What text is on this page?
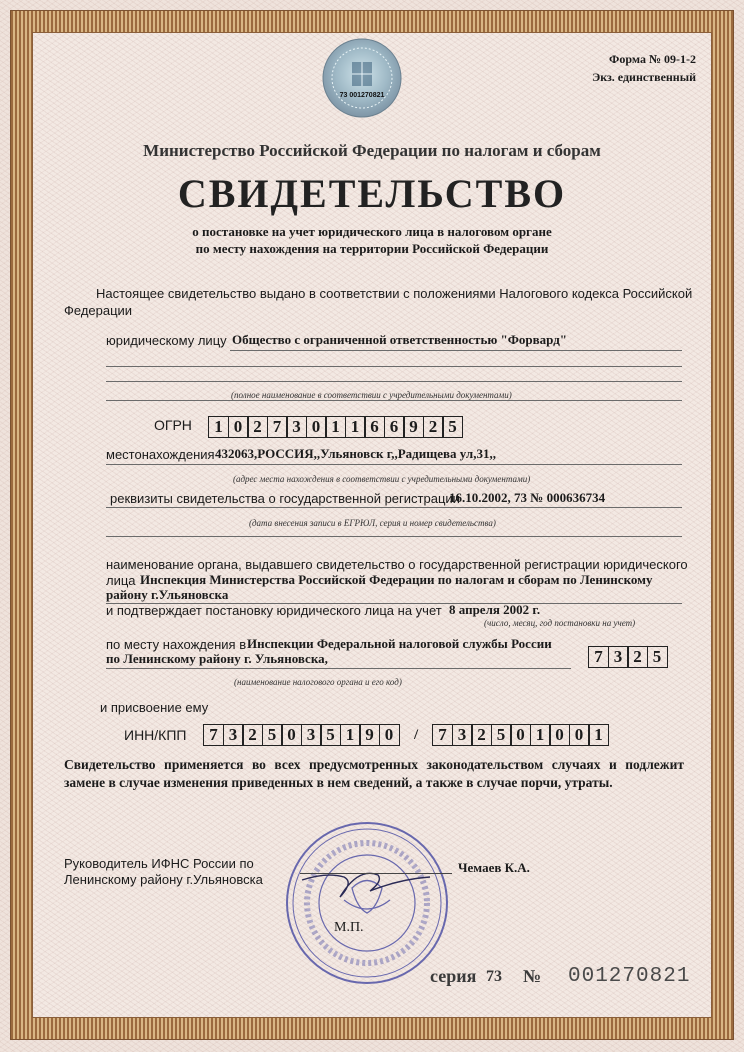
73 001270821
Форма № 09-1-2
Экз. единственный
Министерство Российской Федерации по налогам и сборам
СВИДЕТЕЛЬСТВО
о постановке на учет юридического лица в налоговом органе
по месту нахождения на территории Российской Федерации
Настоящее свидетельство выдано в соответствии с положениями Налогового кодекса Российской
Федерации
юридическому лицу Общество с ограниченной ответственностью "Форвард"
(полное наименование в соответствии с учредительными документами)
ОГРН	1 0 2 7 3 0 1 1 6 6 9 2 5
местонахождения 432063,РОССИЯ,,Ульяновск г,,Радищева ул,31,,
(адрес места нахождения в соответствии с учредительными документами)
реквизиты свидетельства о государственной регистрации
16.10.2002, 73 № 000636734
(дата внесения записи в ЕГРЮЛ, серия и номер свидетельства)
наименование органа, выдавшего свидетельство о государственной регистрации юридического
лица Инспекция Министерства Российской Федерации по налогам и сборам по Ленинскому
району г.Ульяновска
и подтверждает постановку юридического лица на учет 8 апреля 2002 г.
(число, месяц, год постановки на учет)
по месту нахождения в Инспекции Федеральной налоговой службы России
по Ленинскому району г. Ульяновска,	7 3 2 5
(наименование налогового органа и его код)
и присвоение ему
ИНН/КПП	7 3 2 5 0 3 5 1 9 0	/	7 3 2 5 0 1 0 0 1
Свидетельство применяется во всех предусмотренных законодательством случаях и подлежит замене в случае изменения приведенных в нем сведений, а также в случае порчи, утраты.
Руководитель ИФНС России по
Ленинскому району г.Ульяновска
Чемаев К.А.
М.П.
серия 73 № 001270821
